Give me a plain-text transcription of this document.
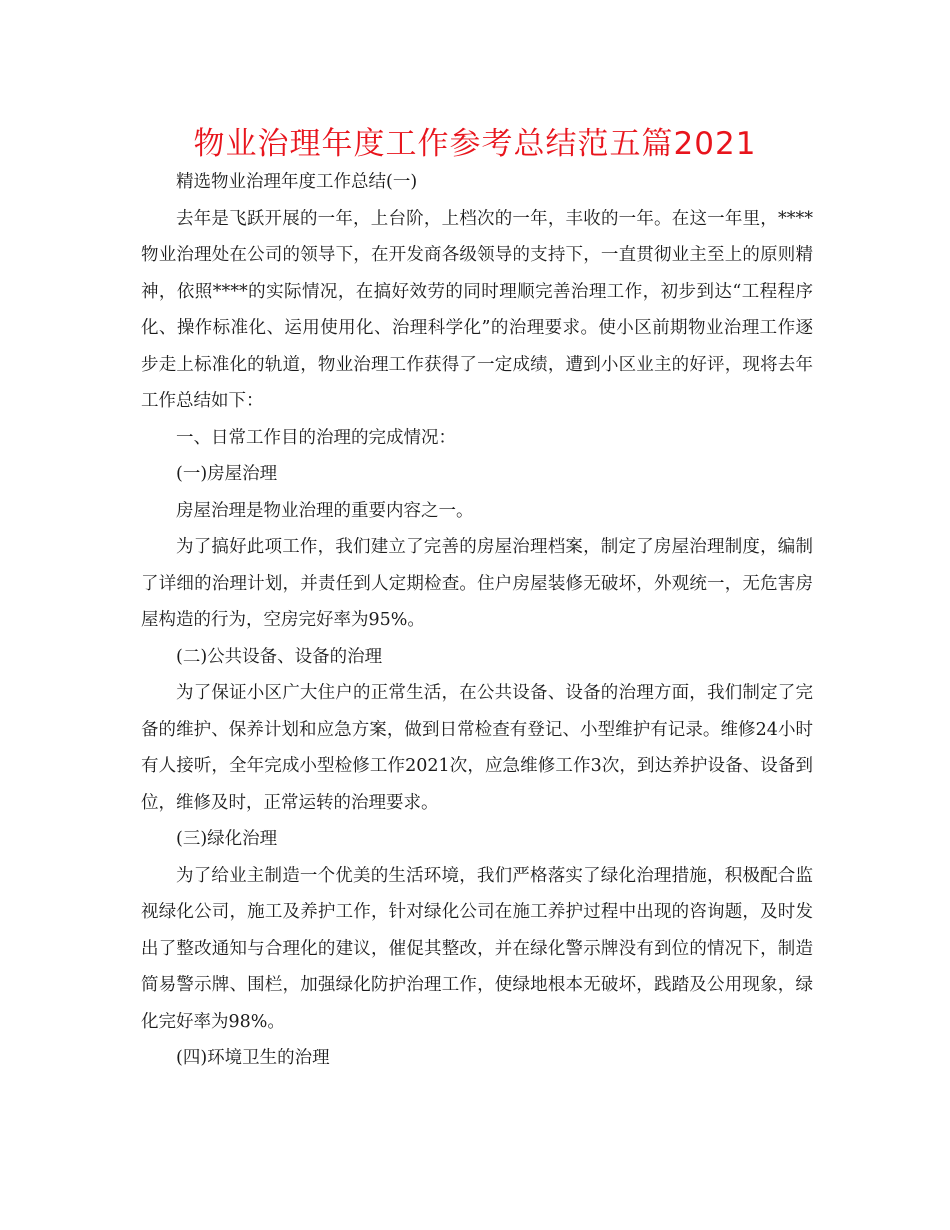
物业治理年度工作参考总结范五篇2021

精选物业治理年度工作总结(一)

去年是飞跃开展的一年，上台阶，上档次的一年，丰收的一年。在这一年里，****物业治理处在公司的领导下，在开发商各级领导的支持下，一直贯彻业主至上的原则精神，依照****的实际情况，在搞好效劳的同时理顺完善治理工作，初步到达“工程程序化、操作标准化、运用使用化、治理科学化”的治理要求。使小区前期物业治理工作逐步走上标准化的轨道，物业治理工作获得了一定成绩，遭到小区业主的好评，现将去年工作总结如下：

一、日常工作目的治理的完成情况：

(一)房屋治理

房屋治理是物业治理的重要内容之一。

为了搞好此项工作，我们建立了完善的房屋治理档案，制定了房屋治理制度，编制了详细的治理计划，并责任到人定期检查。住户房屋装修无破坏，外观统一，无危害房屋构造的行为，空房完好率为95%。

(二)公共设备、设备的治理

为了保证小区广大住户的正常生活，在公共设备、设备的治理方面，我们制定了完备的维护、保养计划和应急方案，做到日常检查有登记、小型维护有记录。维修24小时有人接听，全年完成小型检修工作2021次，应急维修工作3次，到达养护设备、设备到位，维修及时，正常运转的治理要求。

(三)绿化治理

为了给业主制造一个优美的生活环境，我们严格落实了绿化治理措施，积极配合监视绿化公司，施工及养护工作，针对绿化公司在施工养护过程中出现的咨询题，及时发出了整改通知与合理化的建议，催促其整改，并在绿化警示牌没有到位的情况下，制造简易警示牌、围栏，加强绿化防护治理工作，使绿地根本无破坏，践踏及公用现象，绿化完好率为98%。

(四)环境卫生的治理
